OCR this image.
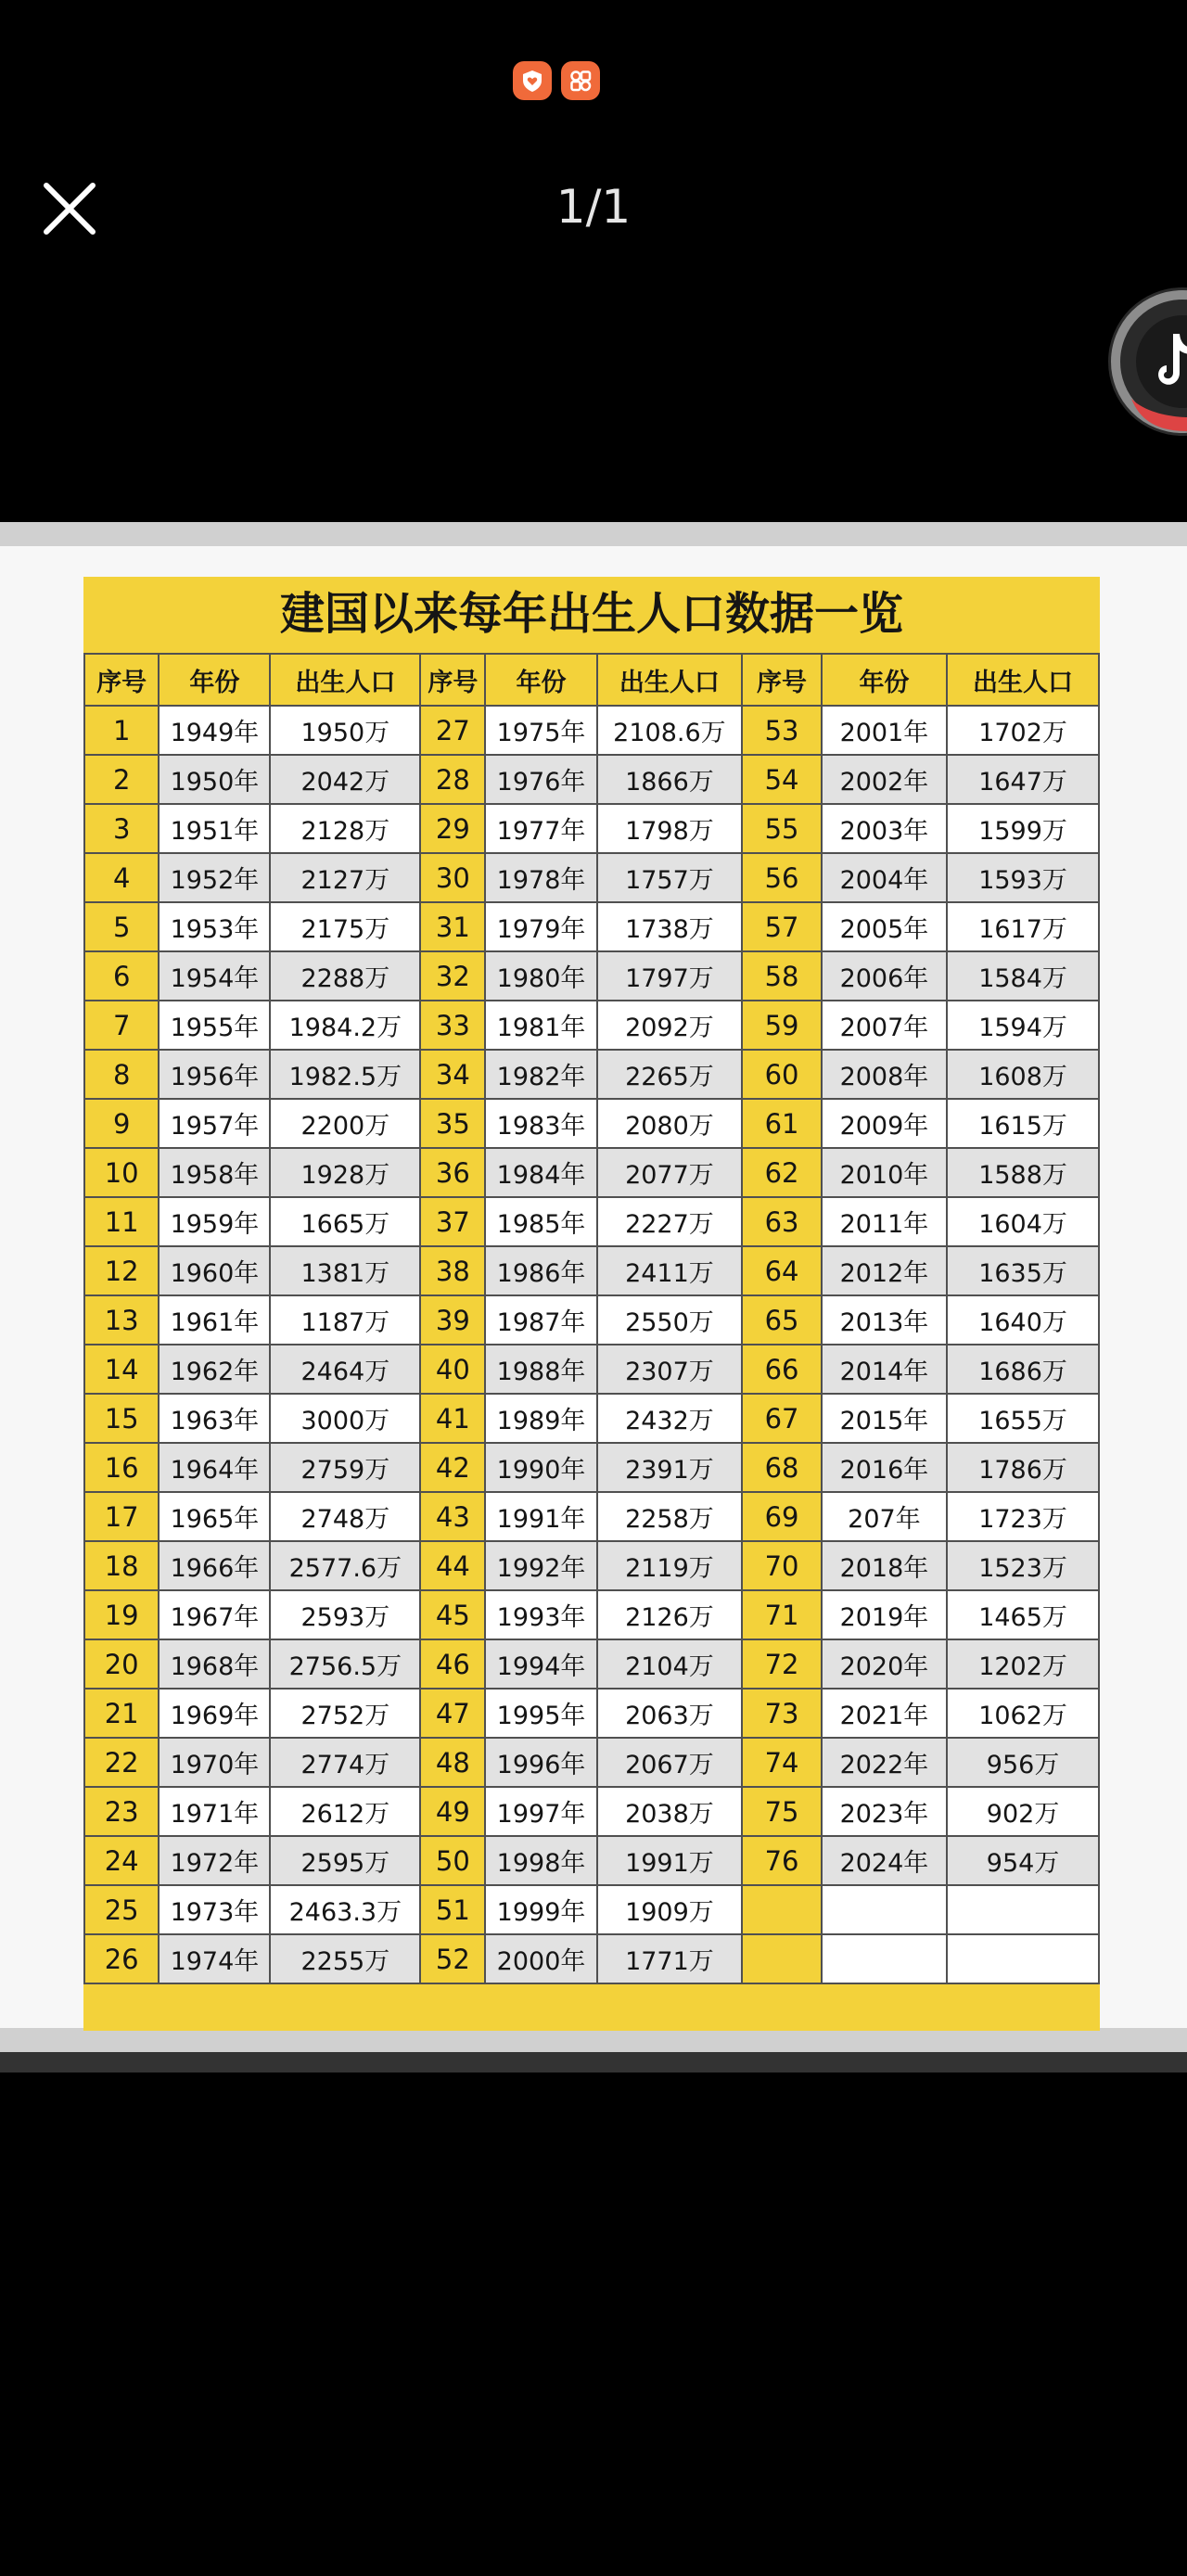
1/1
建国以来每年出生人口数据一览
序号	年份	出生人口	序号	年份	出生人口	序号	年份	出生人口
1	1949年	1950万	27	1975年	2108.6万	53	2001年	1702万
2	1950年	2042万	28	1976年	1866万	54	2002年	1647万
3	1951年	2128万	29	1977年	1798万	55	2003年	1599万
4	1952年	2127万	30	1978年	1757万	56	2004年	1593万
5	1953年	2175万	31	1979年	1738万	57	2005年	1617万
6	1954年	2288万	32	1980年	1797万	58	2006年	1584万
7	1955年	1984.2万	33	1981年	2092万	59	2007年	1594万
8	1956年	1982.5万	34	1982年	2265万	60	2008年	1608万
9	1957年	2200万	35	1983年	2080万	61	2009年	1615万
10	1958年	1928万	36	1984年	2077万	62	2010年	1588万
11	1959年	1665万	37	1985年	2227万	63	2011年	1604万
12	1960年	1381万	38	1986年	2411万	64	2012年	1635万
13	1961年	1187万	39	1987年	2550万	65	2013年	1640万
14	1962年	2464万	40	1988年	2307万	66	2014年	1686万
15	1963年	3000万	41	1989年	2432万	67	2015年	1655万
16	1964年	2759万	42	1990年	2391万	68	2016年	1786万
17	1965年	2748万	43	1991年	2258万	69	207年	1723万
18	1966年	2577.6万	44	1992年	2119万	70	2018年	1523万
19	1967年	2593万	45	1993年	2126万	71	2019年	1465万
20	1968年	2756.5万	46	1994年	2104万	72	2020年	1202万
21	1969年	2752万	47	1995年	2063万	73	2021年	1062万
22	1970年	2774万	48	1996年	2067万	74	2022年	956万
23	1971年	2612万	49	1997年	2038万	75	2023年	902万
24	1972年	2595万	50	1998年	1991万	76	2024年	954万
25	1973年	2463.3万	51	1999年	1909万			
26	1974年	2255万	52	2000年	1771万			
